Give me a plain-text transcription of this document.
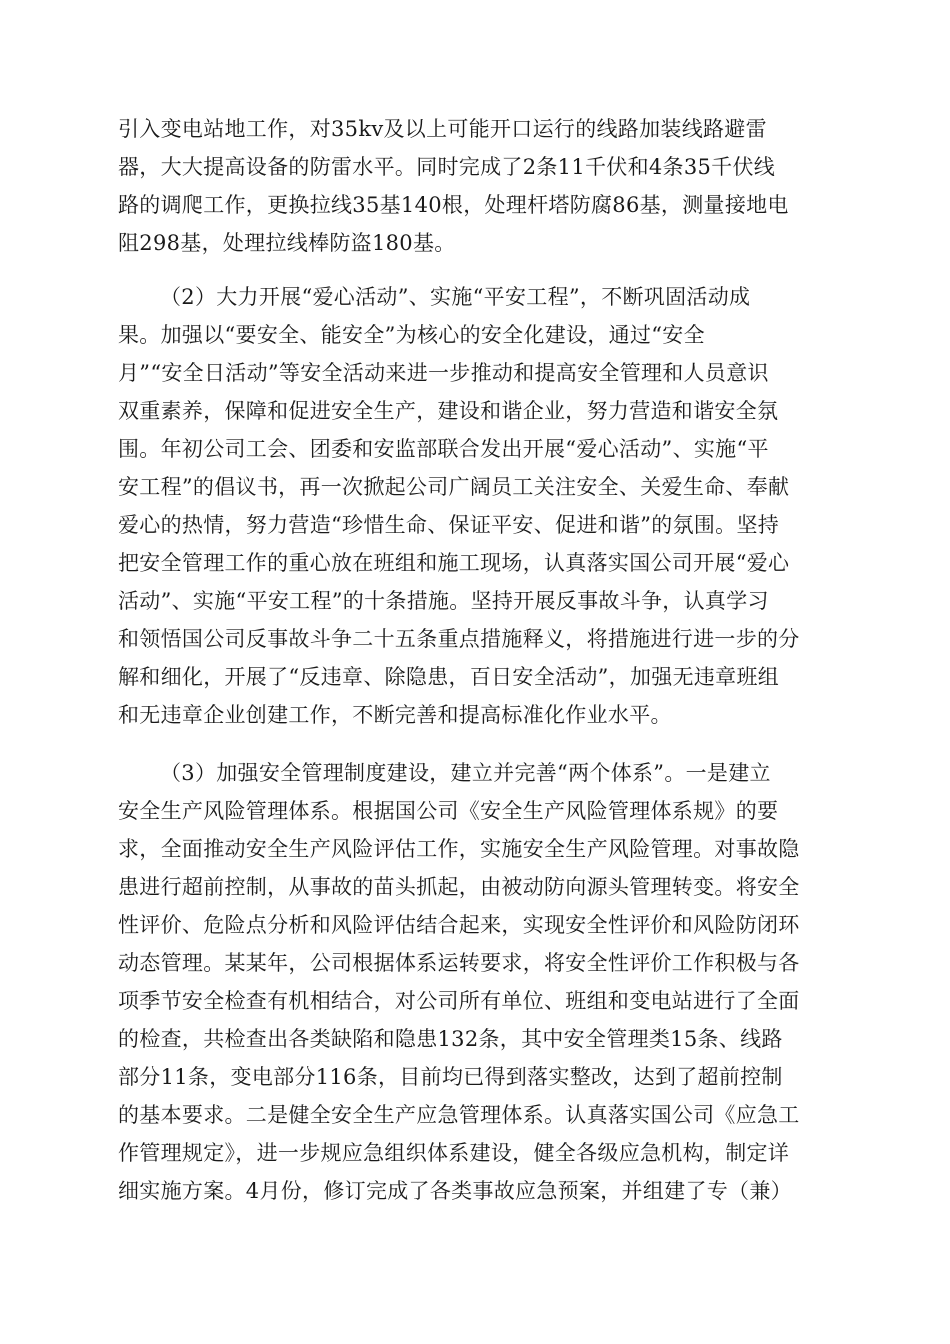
引入变电站地工作，对35kv及以上可能开口运行的线路加装线路避雷
器，大大提高设备的防雷水平。同时完成了2条11千伏和4条35千伏线
路的调爬工作，更换拉线35基140根，处理杆塔防腐86基，测量接地电
阻298基，处理拉线棒防盗180基。
（2）大力开展“爱心活动”、实施“平安工程”，不断巩固活动成
果。加强以“要安全、能安全”为核心的安全化建设，通过“安全
月”“安全日活动”等安全活动来进一步推动和提高安全管理和人员意识
双重素养，保障和促进安全生产，建设和谐企业，努力营造和谐安全氛
围。年初公司工会、团委和安监部联合发出开展“爱心活动”、实施“平
安工程”的倡议书，再一次掀起公司广阔员工关注安全、关爱生命、奉献
爱心的热情，努力营造“珍惜生命、保证平安、促进和谐”的氛围。坚持
把安全管理工作的重心放在班组和施工现场，认真落实国公司开展“爱心
活动”、实施“平安工程”的十条措施。坚持开展反事故斗争，认真学习
和领悟国公司反事故斗争二十五条重点措施释义，将措施进行进一步的分
解和细化，开展了“反违章、除隐患，百日安全活动”，加强无违章班组
和无违章企业创建工作，不断完善和提高标准化作业水平。
（3）加强安全管理制度建设，建立并完善“两个体系”。一是建立
安全生产风险管理体系。根据国公司《安全生产风险管理体系规》的要
求，全面推动安全生产风险评估工作，实施安全生产风险管理。对事故隐
患进行超前控制，从事故的苗头抓起，由被动防向源头管理转变。将安全
性评价、危险点分析和风险评估结合起来，实现安全性评价和风险防闭环
动态管理。某某年，公司根据体系运转要求，将安全性评价工作积极与各
项季节安全检查有机相结合，对公司所有单位、班组和变电站进行了全面
的检查，共检查出各类缺陷和隐患132条，其中安全管理类15条、线路
部分11条，变电部分116条，目前均已得到落实整改，达到了超前控制
的基本要求。二是健全安全生产应急管理体系。认真落实国公司《应急工
作管理规定》，进一步规应急组织体系建设，健全各级应急机构，制定详
细实施方案。4月份，修订完成了各类事故应急预案，并组建了专（兼）
